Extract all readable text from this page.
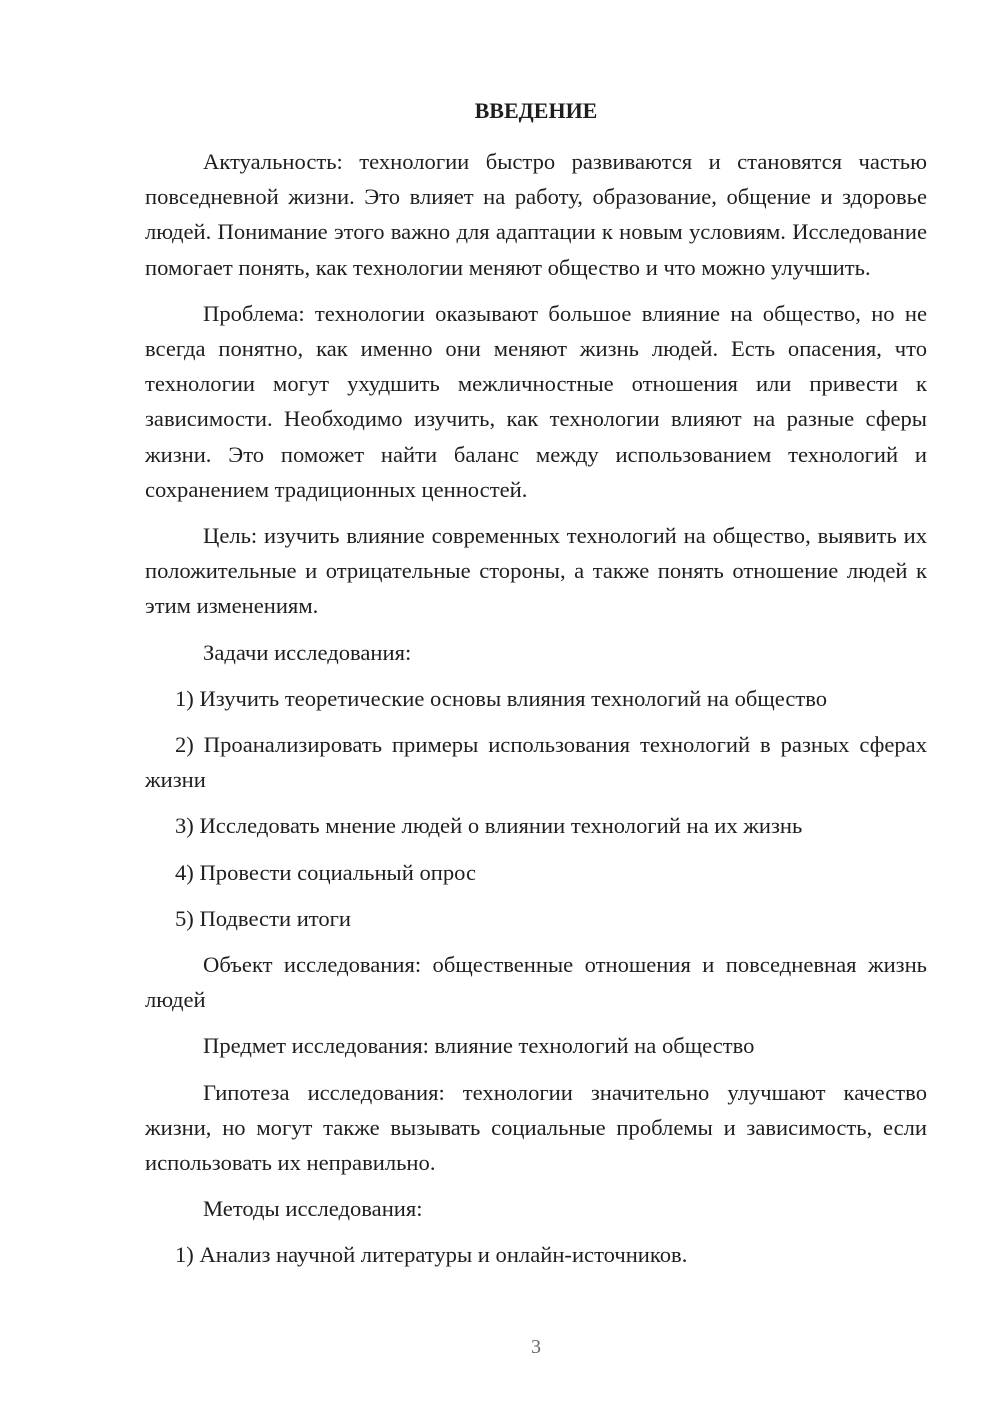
ВВЕДЕНИЕ

Актуальность: технологии быстро развиваются и становятся частью повседневной жизни. Это влияет на работу, образование, общение и здоровье людей. Понимание этого важно для адаптации к новым условиям. Исследование помогает понять, как технологии меняют общество и что можно улучшить.

Проблема: технологии оказывают большое влияние на общество, но не всегда понятно, как именно они меняют жизнь людей. Есть опасения, что технологии могут ухудшить межличностные отношения или привести к зависимости. Необходимо изучить, как технологии влияют на разные сферы жизни. Это поможет найти баланс между использованием технологий и сохранением традиционных ценностей.

Цель: изучить влияние современных технологий на общество, выявить их положительные и отрицательные стороны, а также понять отношение людей к этим изменениям.

Задачи исследования:

1) Изучить теоретические основы влияния технологий на общество

2) Проанализировать примеры использования технологий в разных сферах жизни

3) Исследовать мнение людей о влиянии технологий на их жизнь

4) Провести социальный опрос

5) Подвести итоги

Объект исследования: общественные отношения и повседневная жизнь людей

Предмет исследования: влияние технологий на общество

Гипотеза исследования: технологии значительно улучшают качество жизни, но могут также вызывать социальные проблемы и зависимость, если использовать их неправильно.

Методы исследования:

1) Анализ научной литературы и онлайн-источников.

3
